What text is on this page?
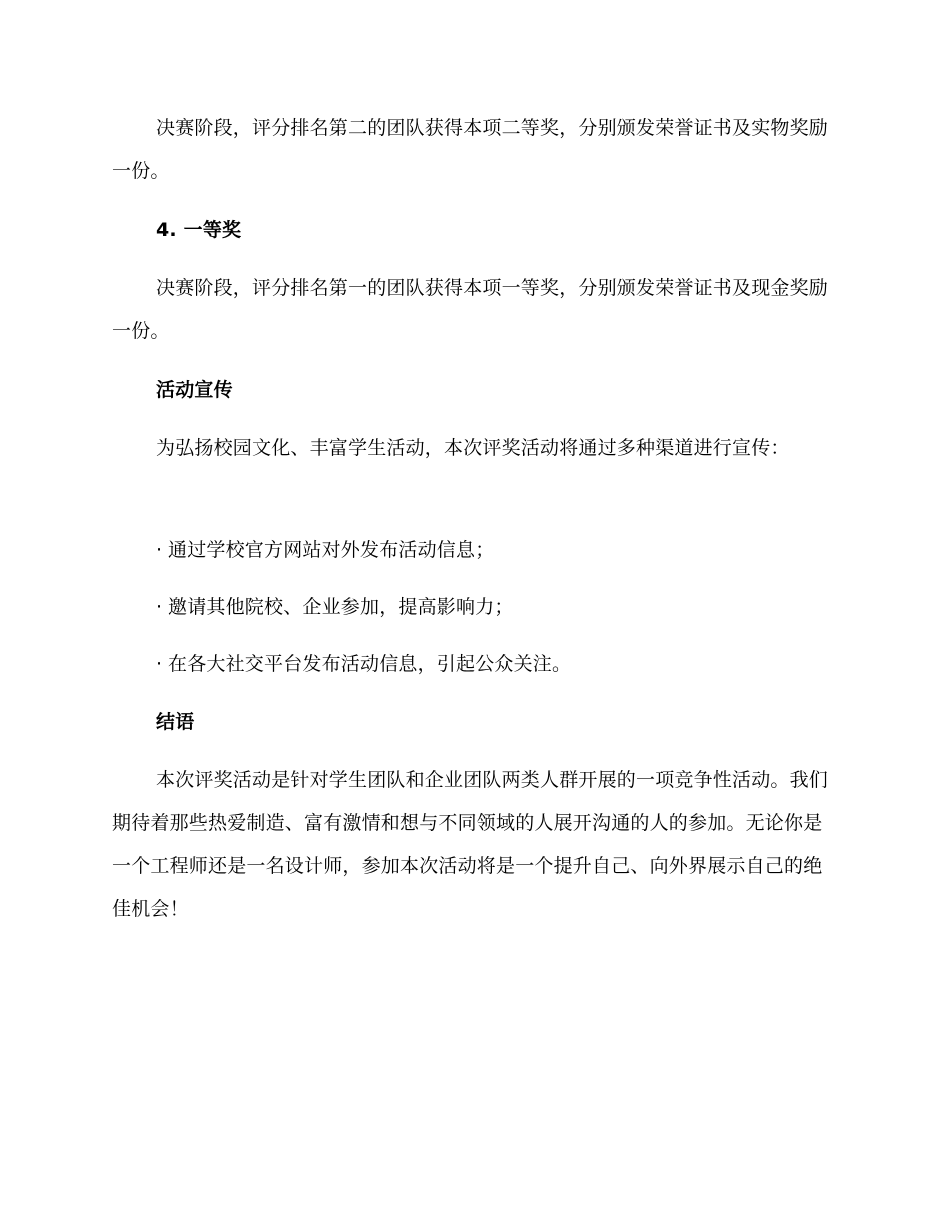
决赛阶段，评分排名第二的团队获得本项二等奖，分别颁发荣誉证书及实物奖励一份。
4. 一等奖
决赛阶段，评分排名第一的团队获得本项一等奖，分别颁发荣誉证书及现金奖励一份。
活动宣传
为弘扬校园文化、丰富学生活动，本次评奖活动将通过多种渠道进行宣传：
· 通过学校官方网站对外发布活动信息；
· 邀请其他院校、企业参加，提高影响力；
· 在各大社交平台发布活动信息，引起公众关注。
结语
本次评奖活动是针对学生团队和企业团队两类人群开展的一项竞争性活动。我们期待着那些热爱制造、富有激情和想与不同领域的人展开沟通的人的参加。无论你是一个工程师还是一名设计师，参加本次活动将是一个提升自己、向外界展示自己的绝佳机会！
